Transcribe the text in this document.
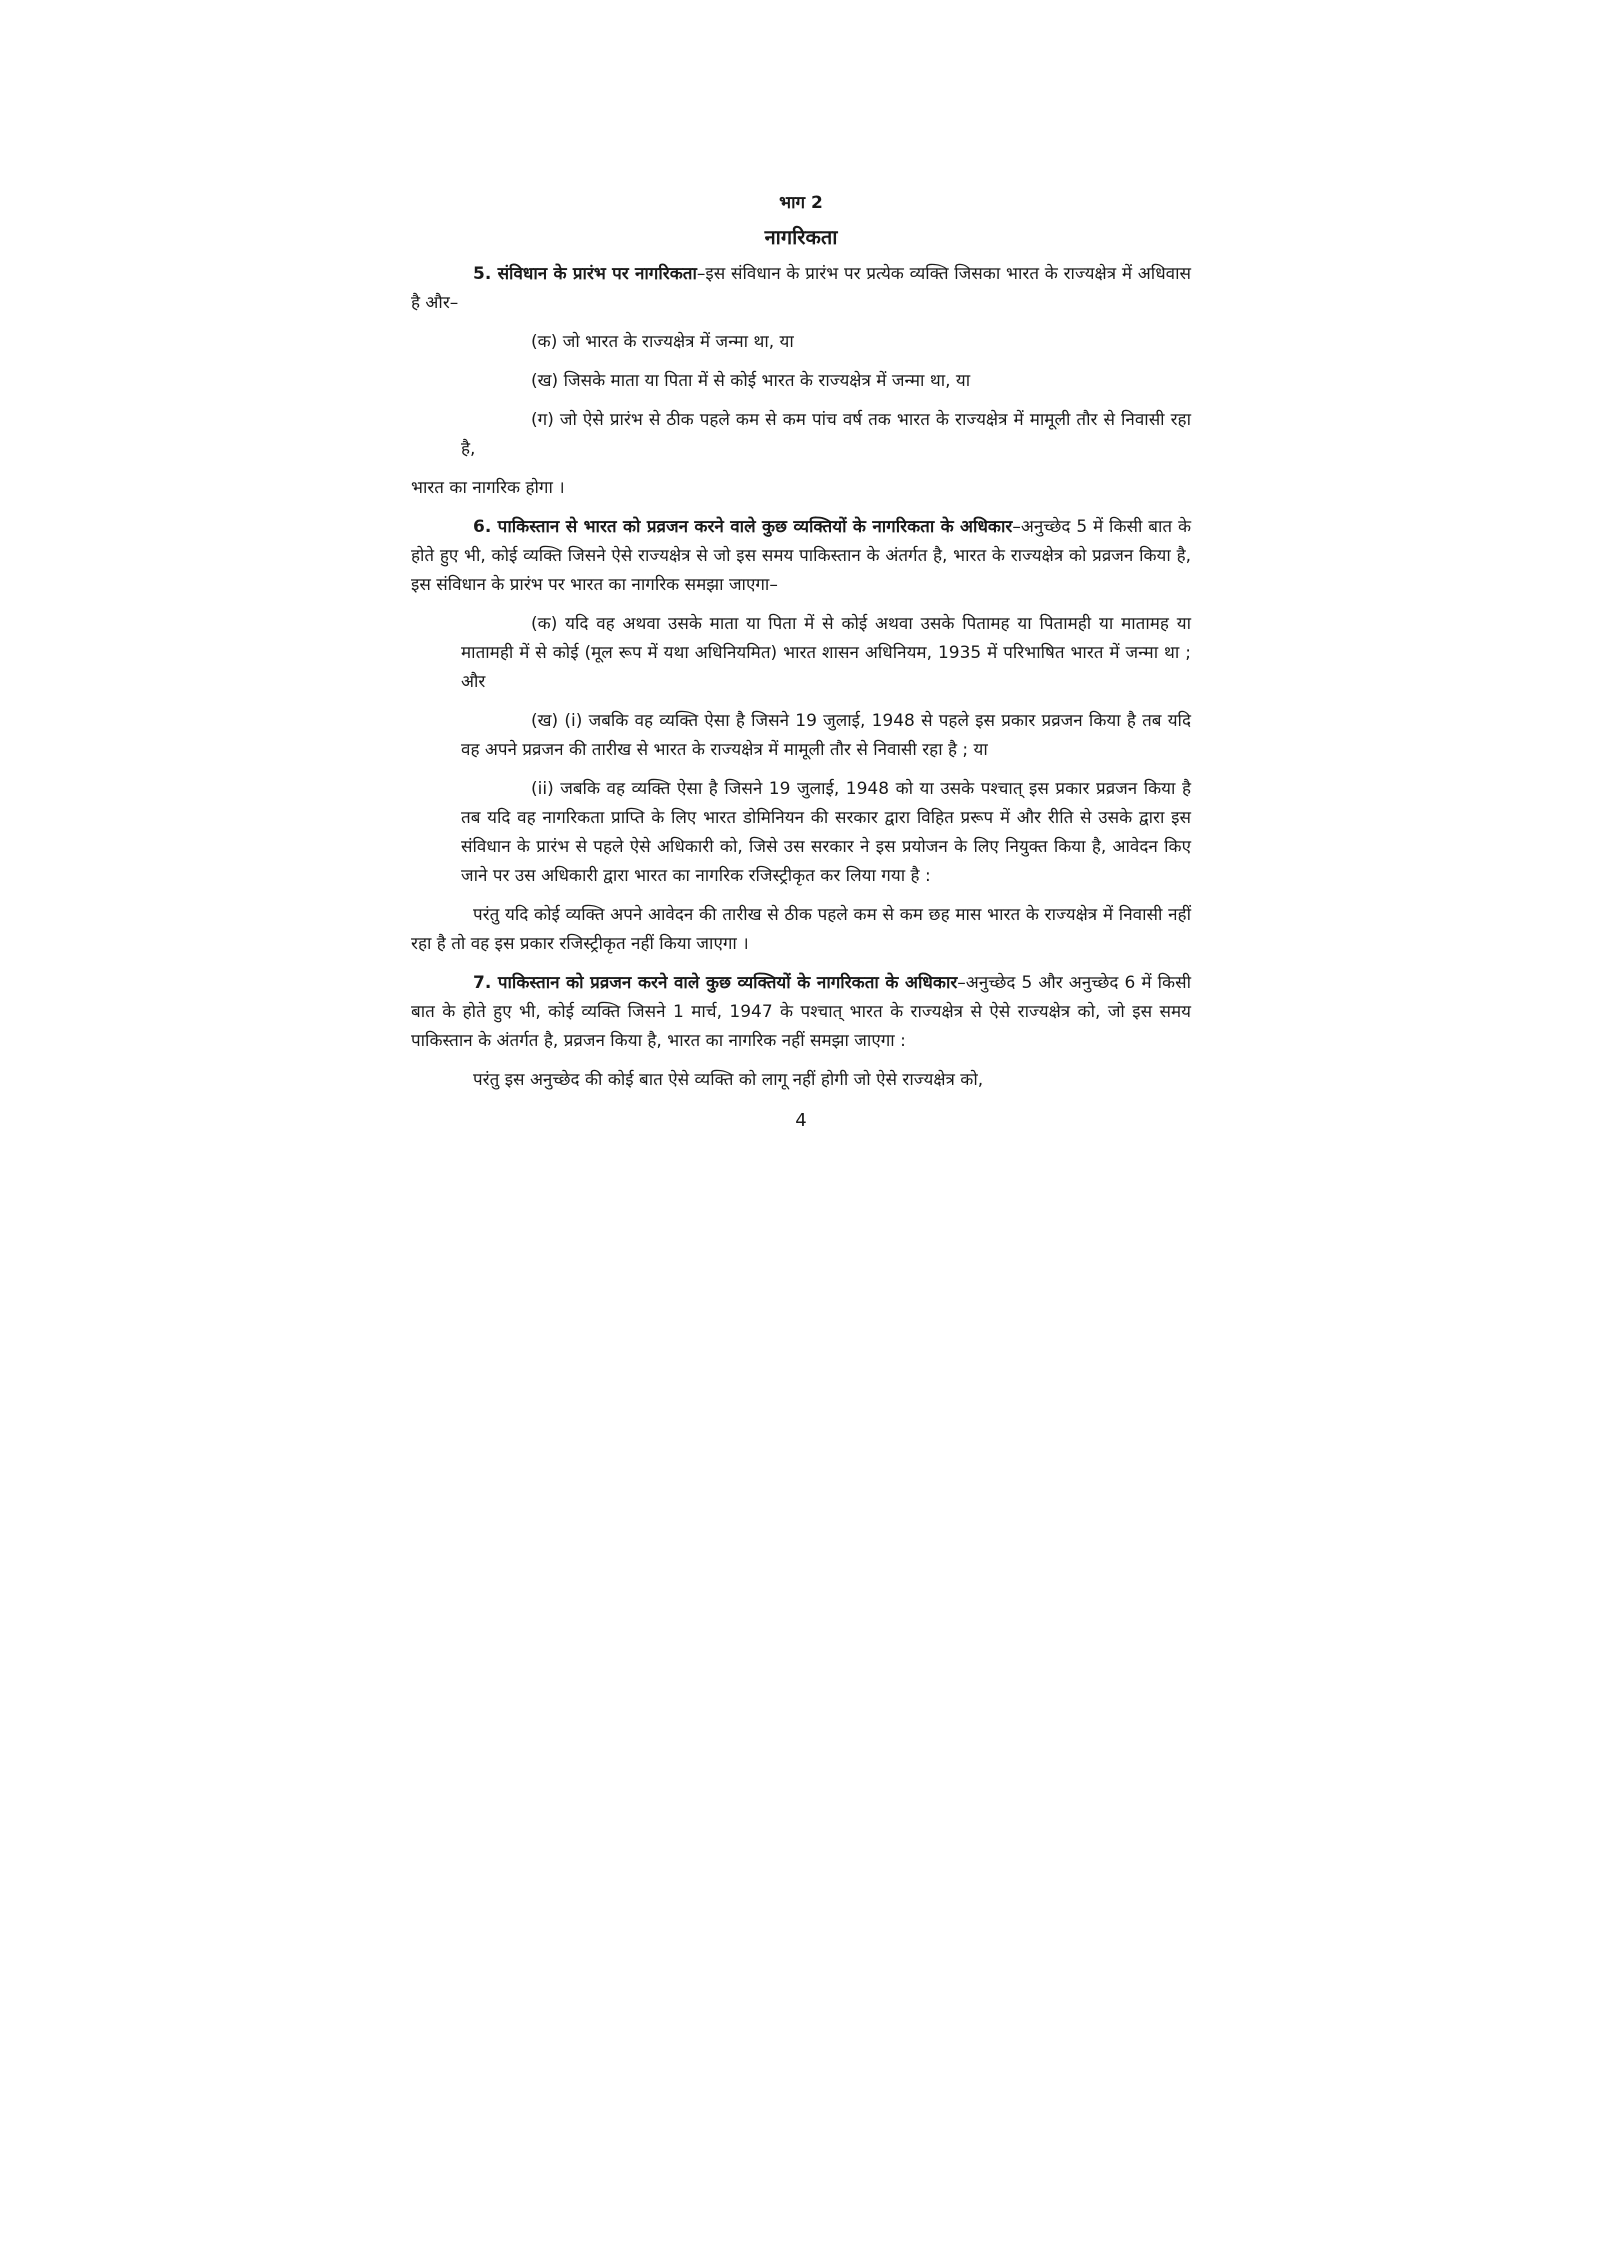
भाग 2
नागरिकता

5. संविधान के प्रारंभ पर नागरिकता–इस संविधान के प्रारंभ पर प्रत्येक व्यक्ति जिसका भारत के राज्यक्षेत्र में अधिवास है और–

(क) जो भारत के राज्यक्षेत्र में जन्मा था, या

(ख) जिसके माता या पिता में से कोई भारत के राज्यक्षेत्र में जन्मा था, या

(ग) जो ऐसे प्रारंभ से ठीक पहले कम से कम पांच वर्ष तक भारत के राज्यक्षेत्र में मामूली तौर से निवासी रहा है,

भारत का नागरिक होगा ।

6. पाकिस्तान से भारत को प्रव्रजन करने वाले कुछ व्यक्तियों के नागरिकता के अधिकार–अनुच्छेद 5 में किसी बात के होते हुए भी, कोई व्यक्ति जिसने ऐसे राज्यक्षेत्र से जो इस समय पाकिस्तान के अंतर्गत है, भारत के राज्यक्षेत्र को प्रव्रजन किया है, इस संविधान के प्रारंभ पर भारत का नागरिक समझा जाएगा–

(क) यदि वह अथवा उसके माता या पिता में से कोई अथवा उसके पितामह या पितामही या मातामह या मातामही में से कोई (मूल रूप में यथा अधिनियमित) भारत शासन अधिनियम, 1935 में परिभाषित भारत में जन्मा था ; और

(ख) (i) जबकि वह व्यक्ति ऐसा है जिसने 19 जुलाई, 1948 से पहले इस प्रकार प्रव्रजन किया है तब यदि वह अपने प्रव्रजन की तारीख से भारत के राज्यक्षेत्र में मामूली तौर से निवासी रहा है ; या

(ii) जबकि वह व्यक्ति ऐसा है जिसने 19 जुलाई, 1948 को या उसके पश्चात् इस प्रकार प्रव्रजन किया है तब यदि वह नागरिकता प्राप्ति के लिए भारत डोमिनियन की सरकार द्वारा विहित प्ररूप में और रीति से उसके द्वारा इस संविधान के प्रारंभ से पहले ऐसे अधिकारी को, जिसे उस सरकार ने इस प्रयोजन के लिए नियुक्त किया है, आवेदन किए जाने पर उस अधिकारी द्वारा भारत का नागरिक रजिस्ट्रीकृत कर लिया गया है :

परंतु यदि कोई व्यक्ति अपने आवेदन की तारीख से ठीक पहले कम से कम छह मास भारत के राज्यक्षेत्र में निवासी नहीं रहा है तो वह इस प्रकार रजिस्ट्रीकृत नहीं किया जाएगा ।

7. पाकिस्तान को प्रव्रजन करने वाले कुछ व्यक्तियों के नागरिकता के अधिकार–अनुच्छेद 5 और अनुच्छेद 6 में किसी बात के होते हुए भी, कोई व्यक्ति जिसने 1 मार्च, 1947 के पश्चात् भारत के राज्यक्षेत्र से ऐसे राज्यक्षेत्र को, जो इस समय पाकिस्तान के अंतर्गत है, प्रव्रजन किया है, भारत का नागरिक नहीं समझा जाएगा :

परंतु इस अनुच्छेद की कोई बात ऐसे व्यक्ति को लागू नहीं होगी जो ऐसे राज्यक्षेत्र को,

4
